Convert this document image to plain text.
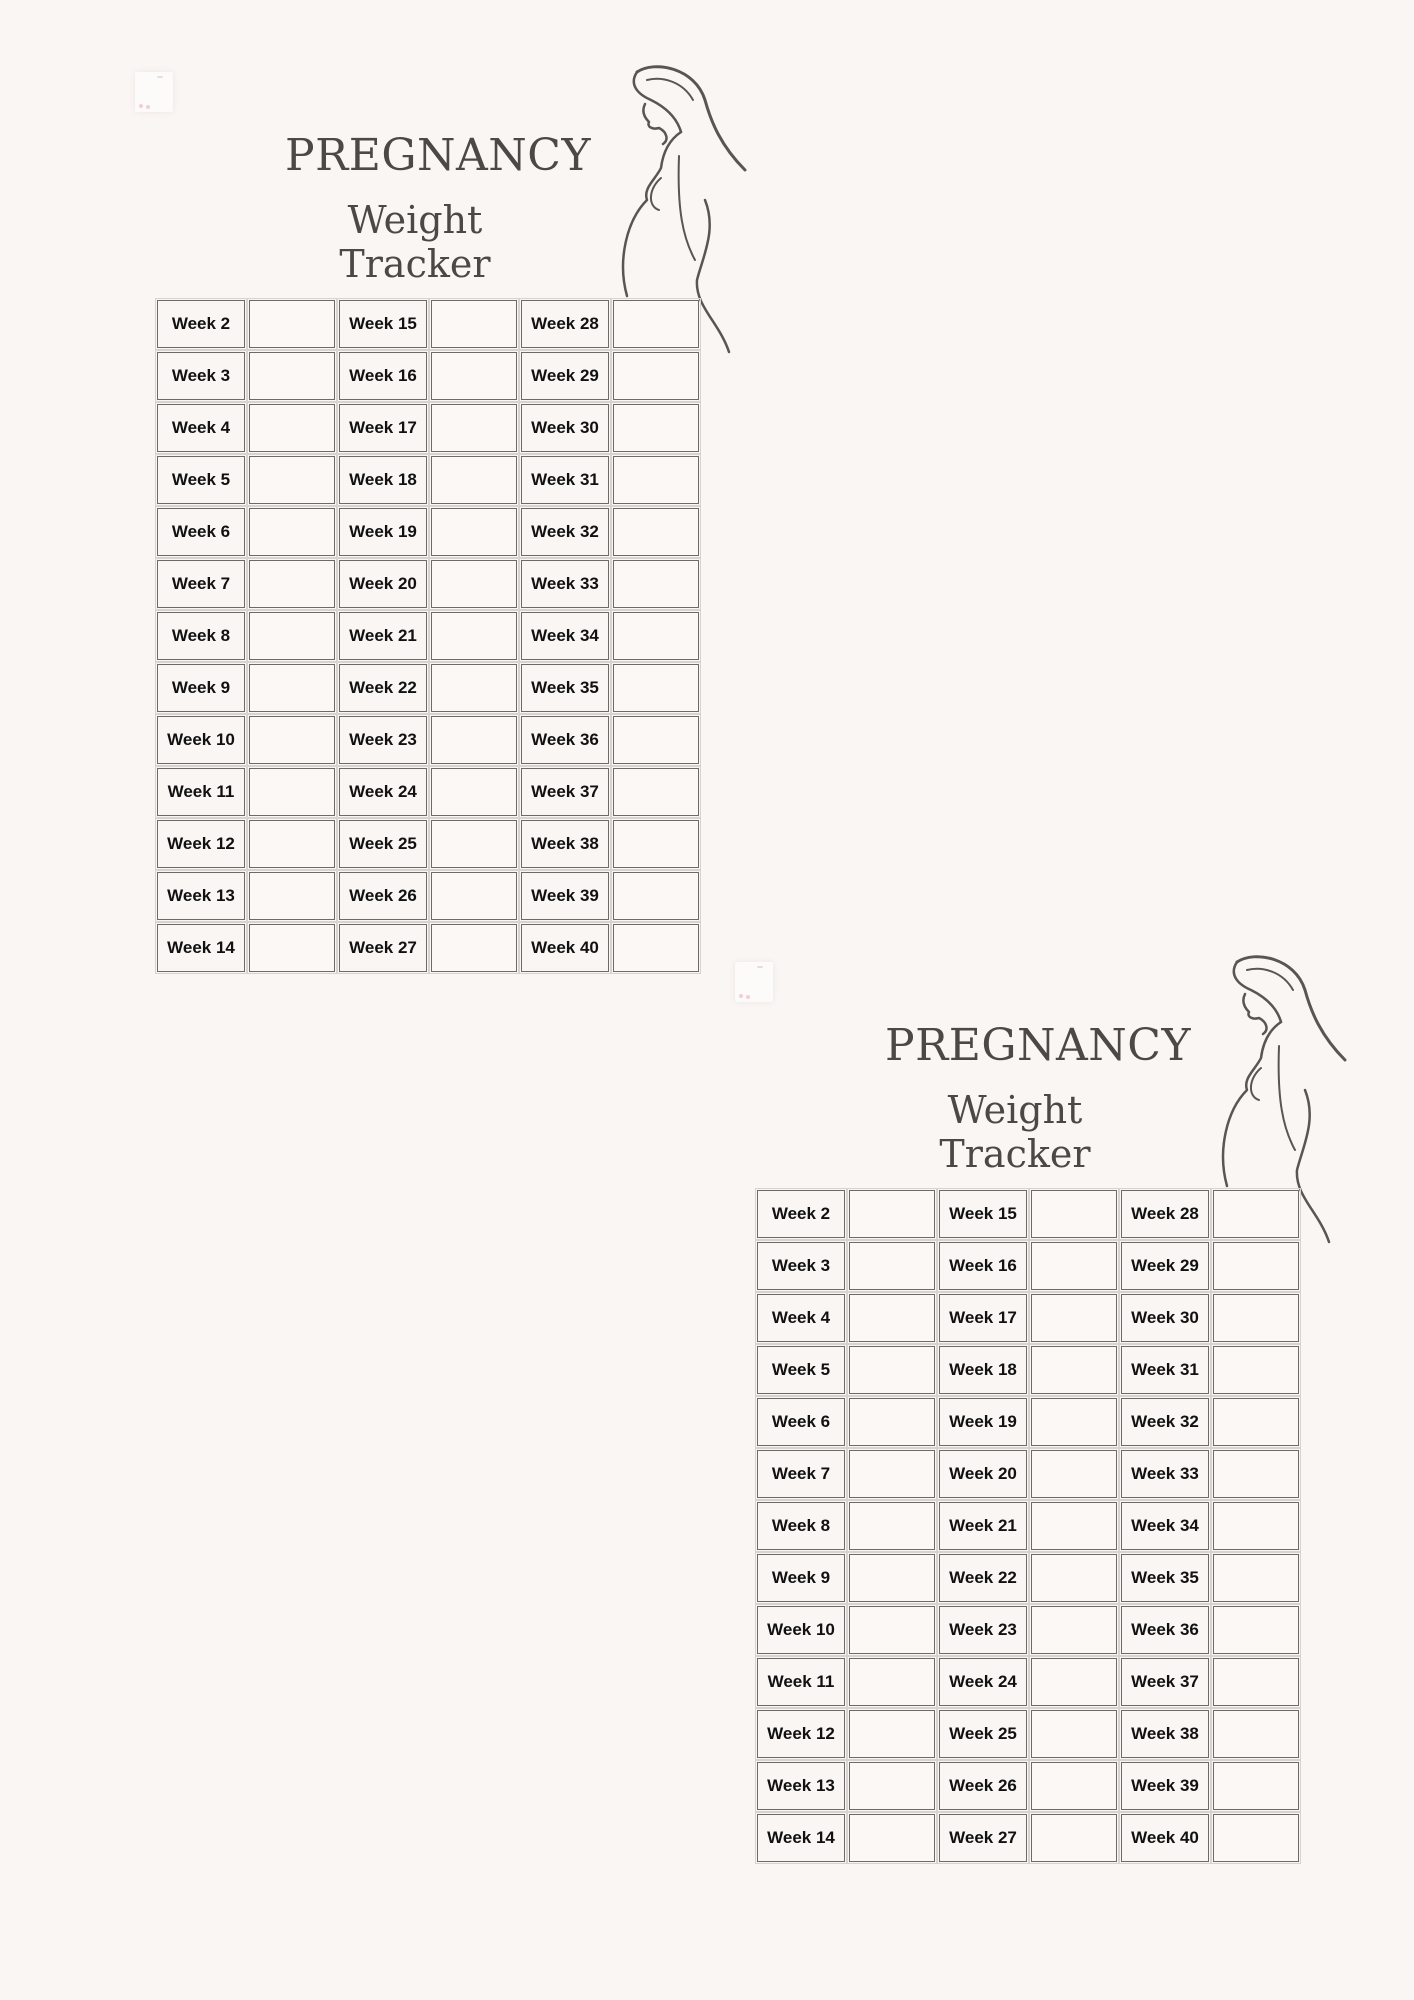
PREGNANCY
Weight
Tracker
Week 2	Week 15	Week 28
Week 3	Week 16	Week 29
Week 4	Week 17	Week 30
Week 5	Week 18	Week 31
Week 6	Week 19	Week 32
Week 7	Week 20	Week 33
Week 8	Week 21	Week 34
Week 9	Week 22	Week 35
Week 10	Week 23	Week 36
Week 11	Week 24	Week 37
Week 12	Week 25	Week 38
Week 13	Week 26	Week 39
Week 14	Week 27	Week 40
PREGNANCY
Weight
Tracker
Week 2	Week 15	Week 28
Week 3	Week 16	Week 29
Week 4	Week 17	Week 30
Week 5	Week 18	Week 31
Week 6	Week 19	Week 32
Week 7	Week 20	Week 33
Week 8	Week 21	Week 34
Week 9	Week 22	Week 35
Week 10	Week 23	Week 36
Week 11	Week 24	Week 37
Week 12	Week 25	Week 38
Week 13	Week 26	Week 39
Week 14	Week 27	Week 40
